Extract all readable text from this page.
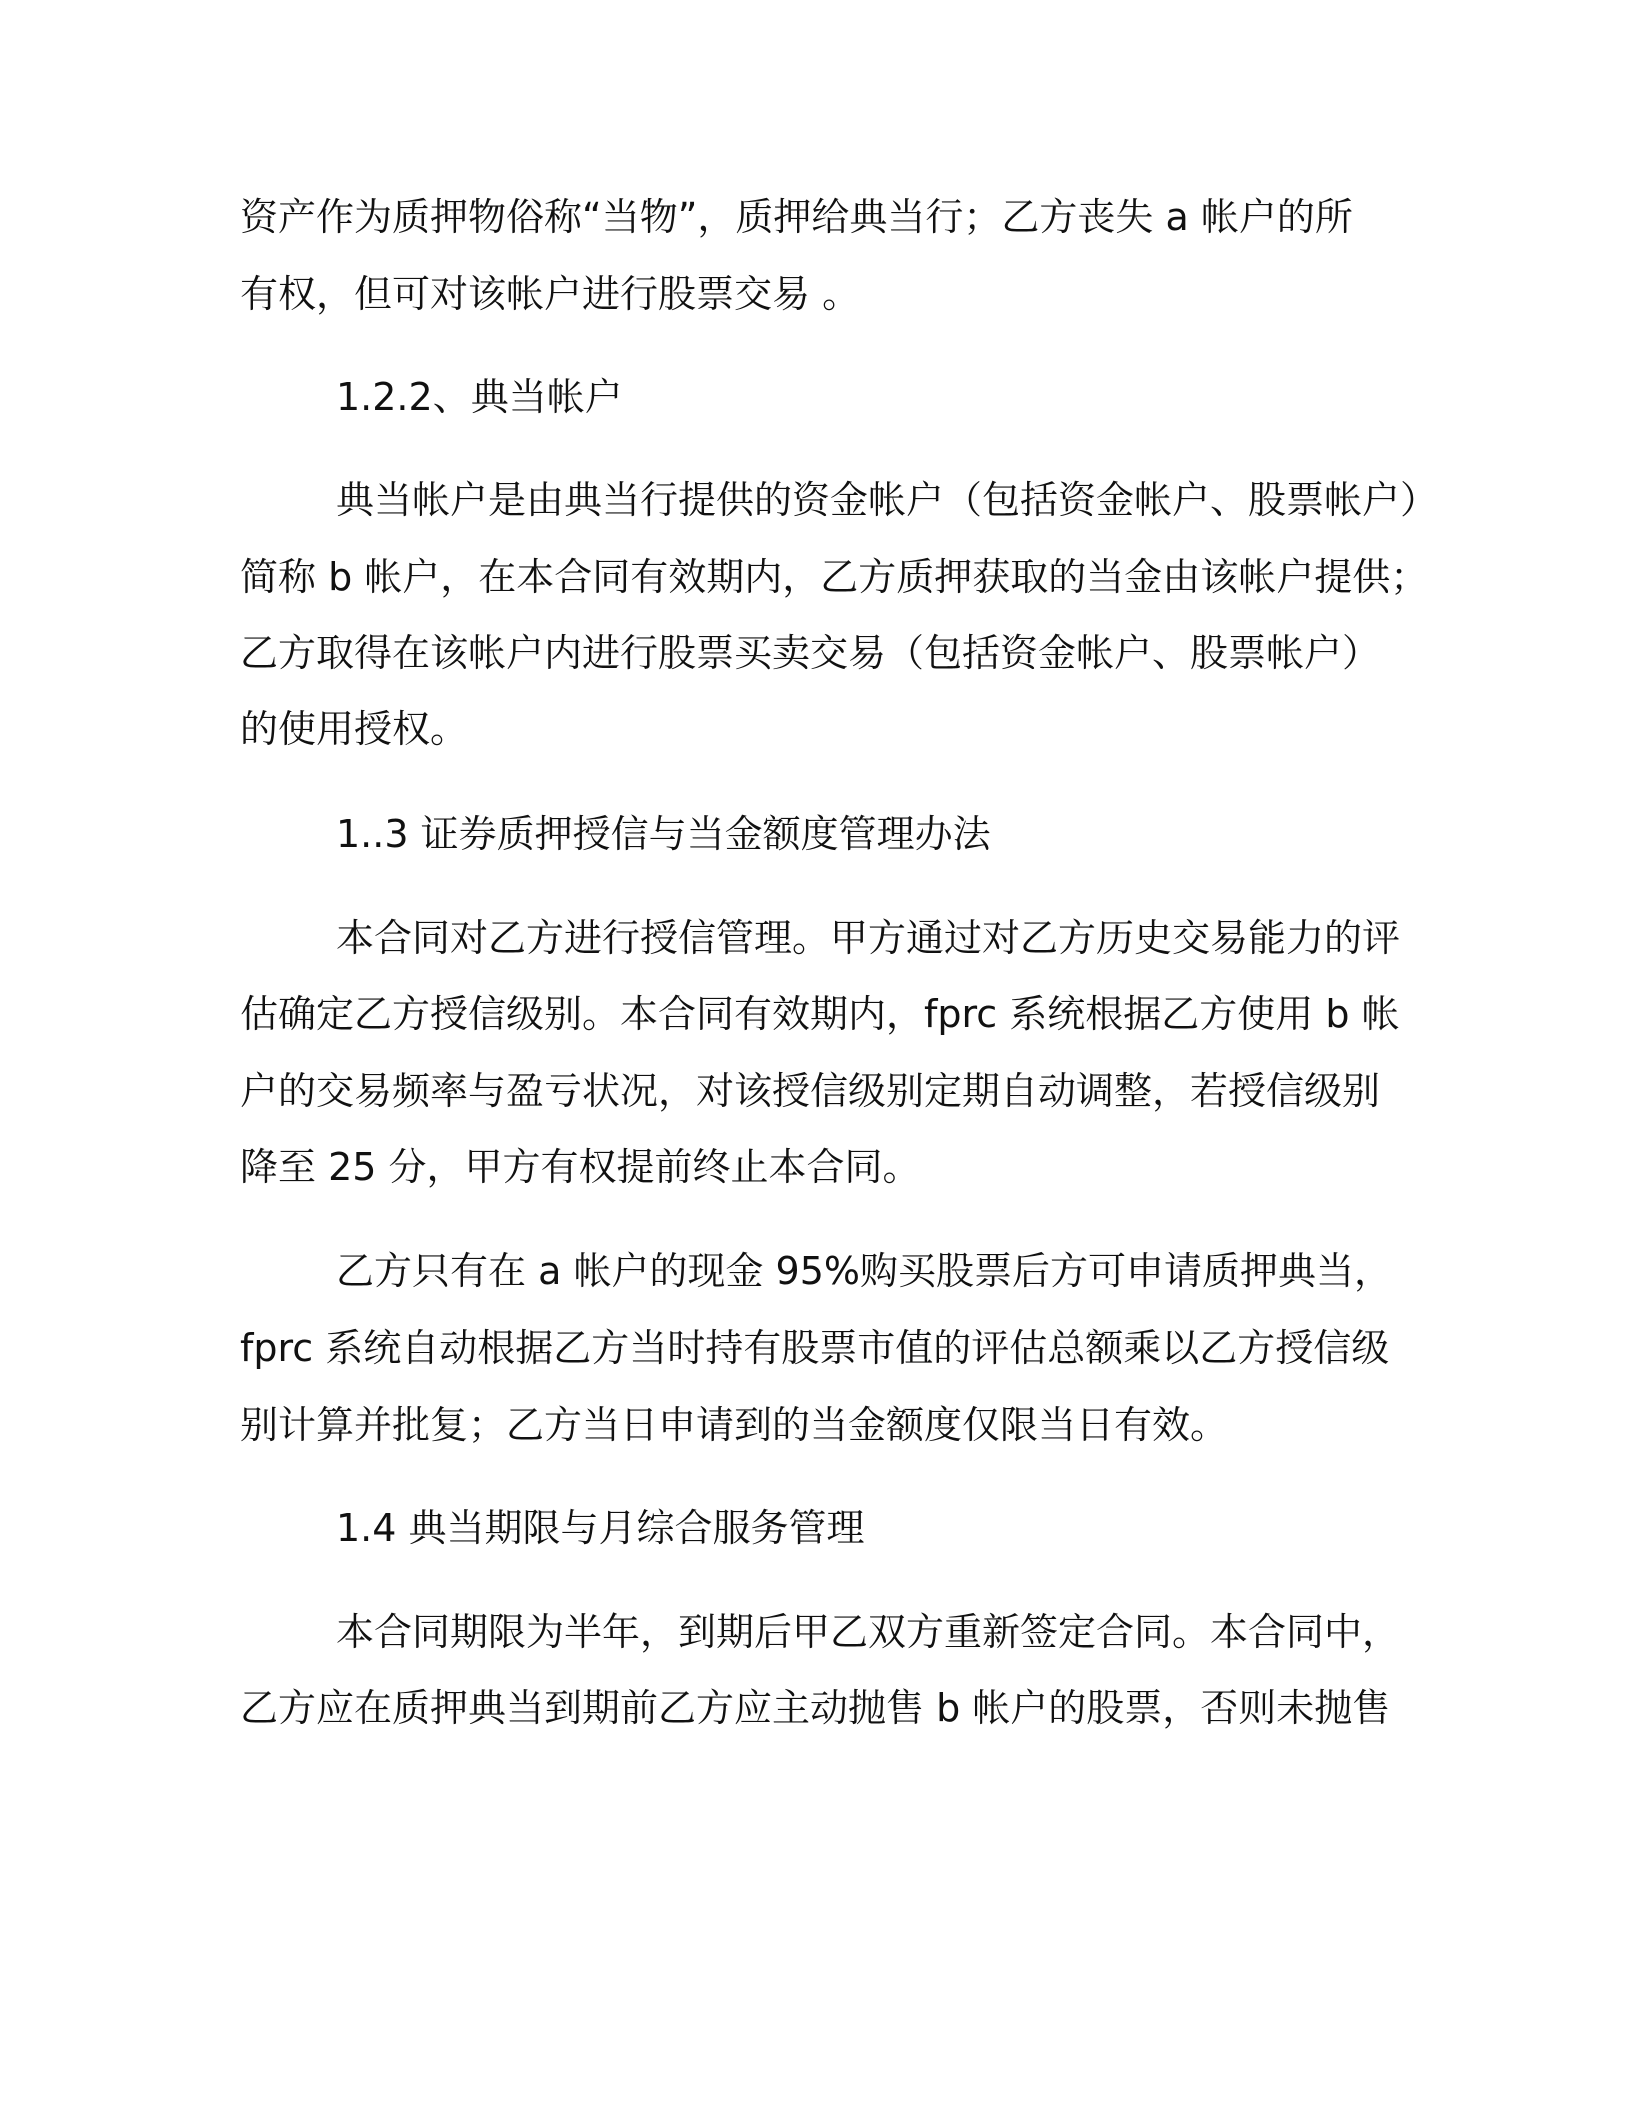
资产作为质押物俗称“当物”，质押给典当行；乙方丧失 a 帐户的所

有权，但可对该帐户进行股票交易 。

1.2.2、典当帐户

典当帐户是由典当行提供的资金帐户（包括资金帐户、股票帐户）

简称 b 帐户，在本合同有效期内，乙方质押获取的当金由该帐户提供；

乙方取得在该帐户内进行股票买卖交易（包括资金帐户、股票帐户）

的使用授权。

1..3 证券质押授信与当金额度管理办法

本合同对乙方进行授信管理。甲方通过对乙方历史交易能力的评

估确定乙方授信级别。本合同有效期内，fprc 系统根据乙方使用 b 帐

户的交易频率与盈亏状况，对该授信级别定期自动调整，若授信级别

降至 25 分，甲方有权提前终止本合同。

乙方只有在 a 帐户的现金 95%购买股票后方可申请质押典当，

fprc 系统自动根据乙方当时持有股票市值的评估总额乘以乙方授信级

别计算并批复；乙方当日申请到的当金额度仅限当日有效。

1.4 典当期限与月综合服务管理

本合同期限为半年，到期后甲乙双方重新签定合同。本合同中，

乙方应在质押典当到期前乙方应主动抛售 b 帐户的股票，否则未抛售
